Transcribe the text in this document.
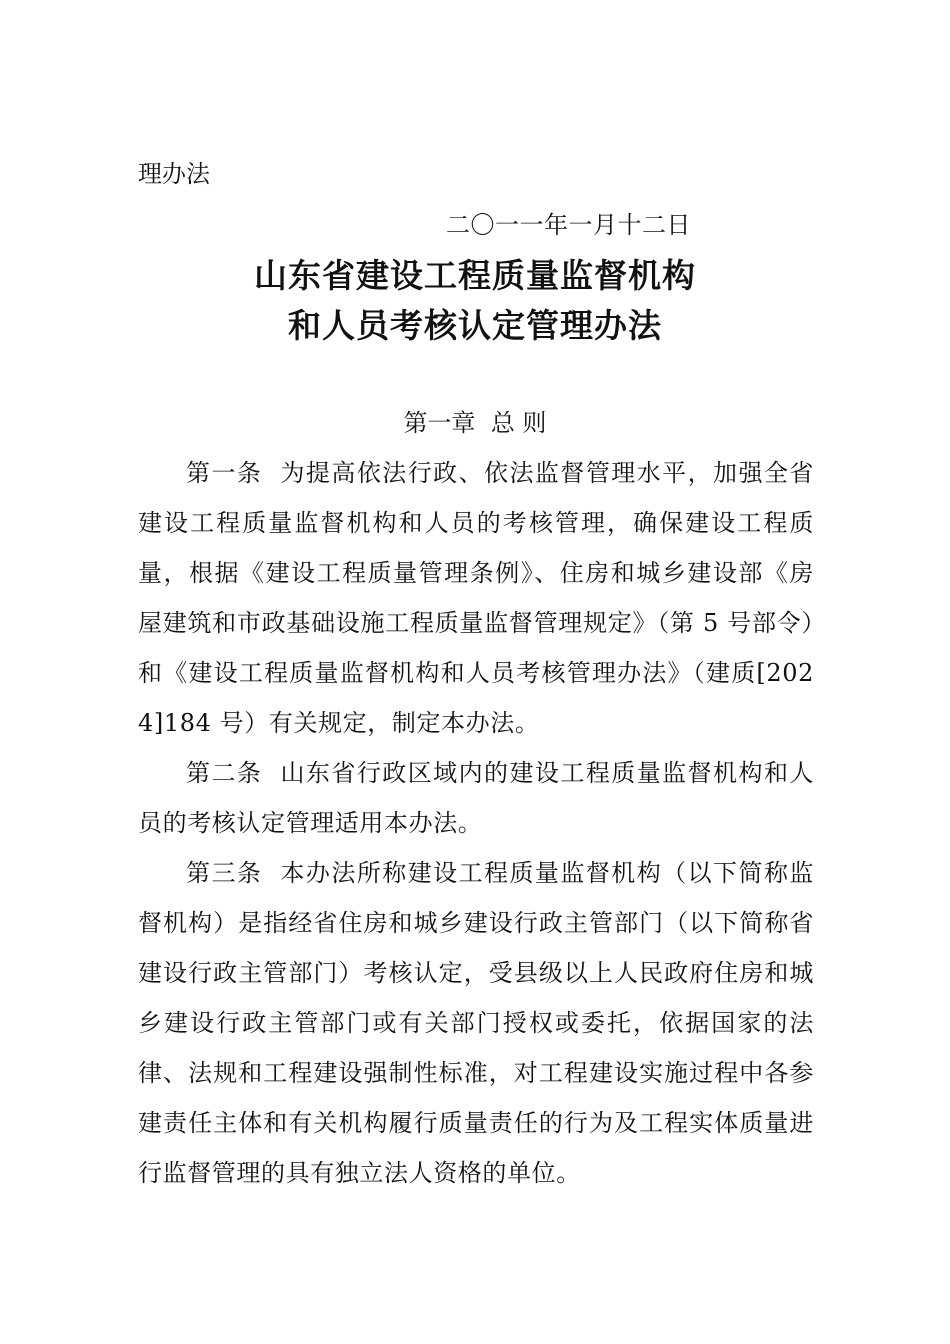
理办法
二〇一一年一月十二日
山东省建设工程质量监督机构
和人员考核认定管理办法
第一章  总 则

第一条  为提高依法行政、依法监督管理水平，加强全省建设工程质量监督机构和人员的考核管理，确保建设工程质量，根据《建设工程质量管理条例》、住房和城乡建设部《房屋建筑和市政基础设施工程质量监督管理规定》（第 5 号部令）和《建设工程质量监督机构和人员考核管理办法》（建质[2024]184 号）有关规定，制定本办法。

第二条  山东省行政区域内的建设工程质量监督机构和人员的考核认定管理适用本办法。

第三条  本办法所称建设工程质量监督机构（以下简称监督机构）是指经省住房和城乡建设行政主管部门（以下简称省建设行政主管部门）考核认定，受县级以上人民政府住房和城乡建设行政主管部门或有关部门授权或委托，依据国家的法律、法规和工程建设强制性标准，对工程建设实施过程中各参建责任主体和有关机构履行质量责任的行为及工程实体质量进行监督管理的具有独立法人资格的单位。
